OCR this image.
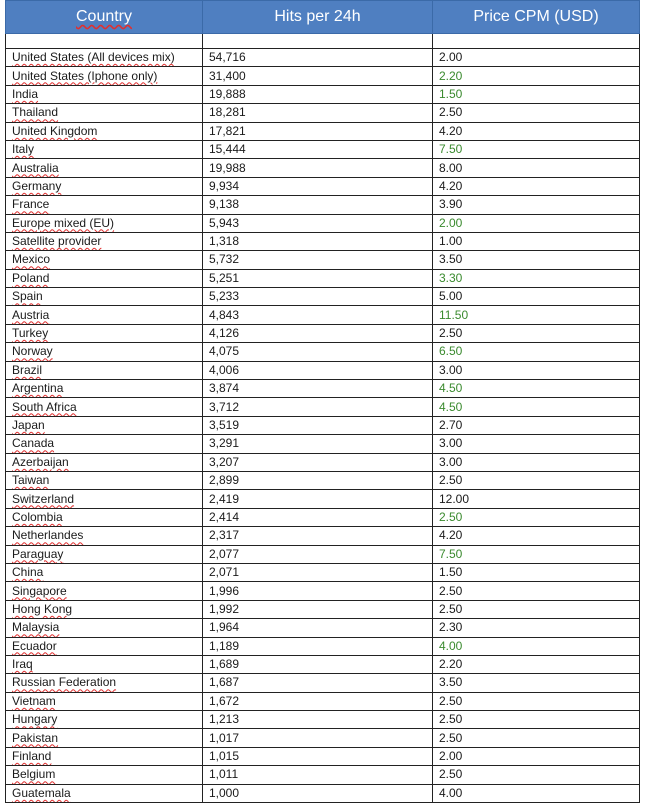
Country	Hits per 24h	Price CPM (USD)

United States (All devices mix)	54,716	2.00
United States (Iphone only)	31,400	2.20
India	19,888	1.50
Thailand	18,281	2.50
United Kingdom	17,821	4.20
Italy	15,444	7.50
Australia	19,988	8.00
Germany	9,934	4.20
France	9,138	3.90
Europe mixed (EU)	5,943	2.00
Satellite provider	1,318	1.00
Mexico	5,732	3.50
Poland	5,251	3.30
Spain	5,233	5.00
Austria	4,843	11.50
Turkey	4,126	2.50
Norway	4,075	6.50
Brazil	4,006	3.00
Argentina	3,874	4.50
South Africa	3,712	4.50
Japan	3,519	2.70
Canada	3,291	3.00
Azerbaijan	3,207	3.00
Taiwan	2,899	2.50
Switzerland	2,419	12.00
Colombia	2,414	2.50
Netherlandes	2,317	4.20
Paraguay	2,077	7.50
China	2,071	1.50
Singapore	1,996	2.50
Hong Kong	1,992	2.50
Malaysia	1,964	2.30
Ecuador	1,189	4.00
Iraq	1,689	2.20
Russian Federation	1,687	3.50
Vietnam	1,672	2.50
Hungary	1,213	2.50
Pakistan	1,017	2.50
Finland	1,015	2.00
Belgium	1,011	2.50
Guatemala	1,000	4.00
